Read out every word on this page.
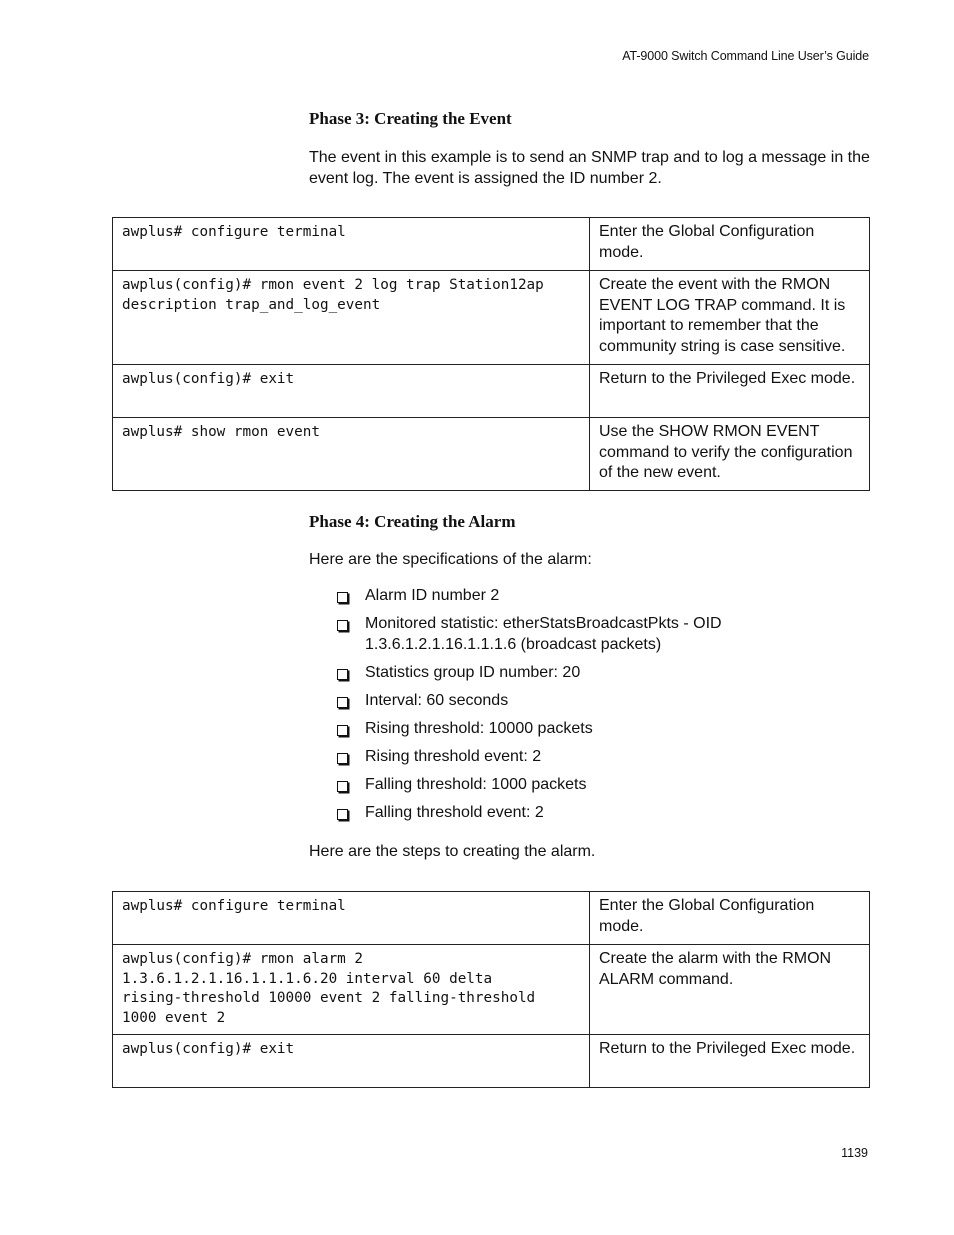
AT-9000 Switch Command Line User’s Guide
Phase 3: Creating the Event
The event in this example is to send an SNMP trap and to log a message in the event log. The event is assigned the ID number 2.
awplus# configure terminal	Enter the Global Configuration mode.
awplus(config)# rmon event 2 log trap Station12ap
description trap_and_log_event	Create the event with the RMON EVENT LOG TRAP command. It is important to remember that the community string is case sensitive.
awplus(config)# exit	Return to the Privileged Exec mode.
awplus# show rmon event	Use the SHOW RMON EVENT command to verify the configuration of the new event.
Phase 4: Creating the Alarm
Here are the specifications of the alarm:
Alarm ID number 2
Monitored statistic: etherStatsBroadcastPkts - OID 1.3.6.1.2.1.16.1.1.1.6 (broadcast packets)
Statistics group ID number: 20
Interval: 60 seconds
Rising threshold: 10000 packets
Rising threshold event: 2
Falling threshold: 1000 packets
Falling threshold event: 2
Here are the steps to creating the alarm.
awplus# configure terminal	Enter the Global Configuration mode.
awplus(config)# rmon alarm 2
1.3.6.1.2.1.16.1.1.1.6.20 interval 60 delta
rising-threshold 10000 event 2 falling-threshold
1000 event 2	Create the alarm with the RMON ALARM command.
awplus(config)# exit	Return to the Privileged Exec mode.
1139
